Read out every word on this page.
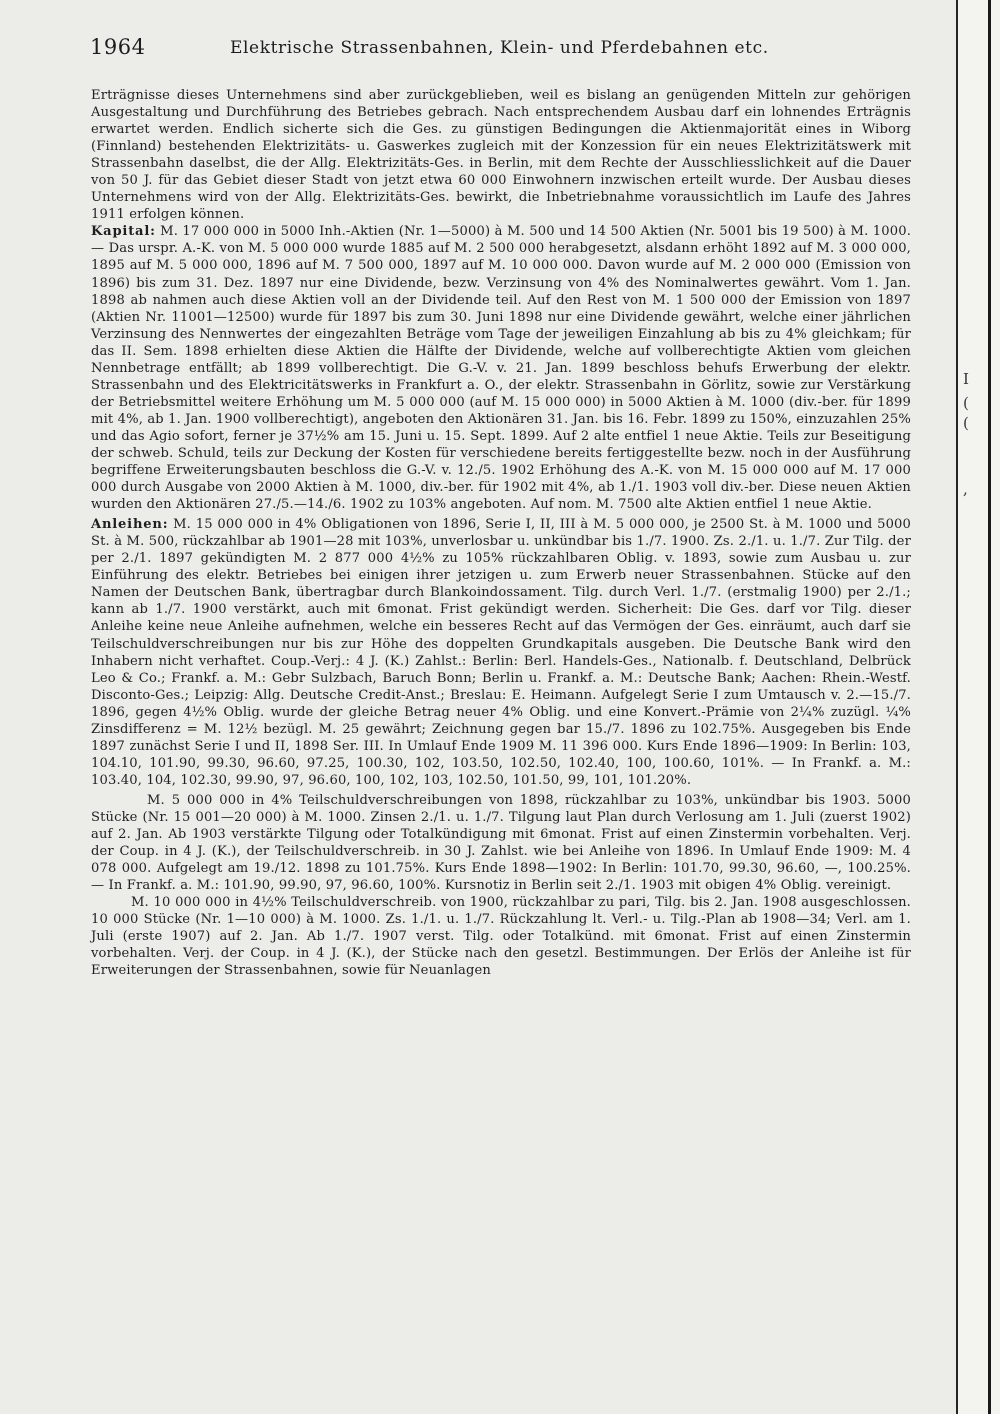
1964	Elektrische Strassenbahnen, Klein- und Pferdebahnen etc.

Erträgnisse dieses Unternehmens sind aber zurückgeblieben, weil es bislang an genügenden Mitteln zur gehörigen Ausgestaltung und Durchführung des Betriebes gebrach. Nach entsprechendem Ausbau darf ein lohnendes Erträgnis erwartet werden. Endlich sicherte sich die Ges. zu günstigen Bedingungen die Aktienmajorität eines in Wiborg (Finnland) bestehenden Elektrizitäts- u. Gaswerkes zugleich mit der Konzession für ein neues Elektrizitätswerk mit Strassenbahn daselbst, die der Allg. Elektrizitäts-Ges. in Berlin, mit dem Rechte der Ausschliesslichkeit auf die Dauer von 50 J. für das Gebiet dieser Stadt von jetzt etwa 60 000 Einwohnern inzwischen erteilt wurde. Der Ausbau dieses Unternehmens wird von der Allg. Elektrizitäts-Ges. bewirkt, die Inbetriebnahme voraussichtlich im Laufe des Jahres 1911 erfolgen können.

Kapital: M. 17 000 000 in 5000 Inh.-Aktien (Nr. 1—5000) à M. 500 und 14 500 Aktien (Nr. 5001 bis 19 500) à M. 1000. — Das urspr. A.-K. von M. 5 000 000 wurde 1885 auf M. 2 500 000 herabgesetzt, alsdann erhöht 1892 auf M. 3 000 000, 1895 auf M. 5 000 000, 1896 auf M. 7 500 000, 1897 auf M. 10 000 000. Davon wurde auf M. 2 000 000 (Emission von 1896) bis zum 31. Dez. 1897 nur eine Dividende, bezw. Verzinsung von 4% des Nominalwertes gewährt. Vom 1. Jan. 1898 ab nahmen auch diese Aktien voll an der Dividende teil. Auf den Rest von M. 1 500 000 der Emission von 1897 (Aktien Nr. 11001—12500) wurde für 1897 bis zum 30. Juni 1898 nur eine Dividende gewährt, welche einer jährlichen Verzinsung des Nennwertes der eingezahlten Beträge vom Tage der jeweiligen Einzahlung ab bis zu 4% gleichkam; für das II. Sem. 1898 erhielten diese Aktien die Hälfte der Dividende, welche auf vollberechtigte Aktien vom gleichen Nennbetrage entfällt; ab 1899 vollberechtigt. Die G.-V. v. 21. Jan. 1899 beschloss behufs Erwerbung der elektr. Strassenbahn und des Elektricitätswerks in Frankfurt a. O., der elektr. Strassenbahn in Görlitz, sowie zur Verstärkung der Betriebsmittel weitere Erhöhung um M. 5 000 000 (auf M. 15 000 000) in 5000 Aktien à M. 1000 (div.-ber. für 1899 mit 4%, ab 1. Jan. 1900 vollberechtigt), angeboten den Aktionären 31. Jan. bis 16. Febr. 1899 zu 150%, einzuzahlen 25% und das Agio sofort, ferner je 37½% am 15. Juni u. 15. Sept. 1899. Auf 2 alte entfiel 1 neue Aktie. Teils zur Beseitigung der schweb. Schuld, teils zur Deckung der Kosten für verschiedene bereits fertiggestellte bezw. noch in der Ausführung begriffene Erweiterungsbauten beschloss die G.-V. v. 12./5. 1902 Erhöhung des A.-K. von M. 15 000 000 auf M. 17 000 000 durch Ausgabe von 2000 Aktien à M. 1000, div.-ber. für 1902 mit 4%, ab 1./1. 1903 voll div.-ber. Diese neuen Aktien wurden den Aktionären 27./5.—14./6. 1902 zu 103% angeboten. Auf nom. M. 7500 alte Aktien entfiel 1 neue Aktie.

Anleihen: M. 15 000 000 in 4% Obligationen von 1896, Serie I, II, III à M. 5 000 000, je 2500 St. à M. 1000 und 5000 St. à M. 500, rückzahlbar ab 1901—28 mit 103%, unverlosbar u. unkündbar bis 1./7. 1900. Zs. 2./1. u. 1./7. Zur Tilg. der per 2./1. 1897 gekündigten M. 2 877 000 4½% zu 105% rückzahlbaren Oblig. v. 1893, sowie zum Ausbau u. zur Einführung des elektr. Betriebes bei einigen ihrer jetzigen u. zum Erwerb neuer Strassenbahnen. Stücke auf den Namen der Deutschen Bank, übertragbar durch Blankoindossament. Tilg. durch Verl. 1./7. (erstmalig 1900) per 2./1.; kann ab 1./7. 1900 verstärkt, auch mit 6monat. Frist gekündigt werden. Sicherheit: Die Ges. darf vor Tilg. dieser Anleihe keine neue Anleihe aufnehmen, welche ein besseres Recht auf das Vermögen der Ges. einräumt, auch darf sie Teilschuldverschreibungen nur bis zur Höhe des doppelten Grundkapitals ausgeben. Die Deutsche Bank wird den Inhabern nicht verhaftet. Coup.-Verj.: 4 J. (K.) Zahlst.: Berlin: Berl. Handels-Ges., Nationalb. f. Deutschland, Delbrück Leo & Co.; Frankf. a. M.: Gebr Sulzbach, Baruch Bonn; Berlin u. Frankf. a. M.: Deutsche Bank; Aachen: Rhein.-Westf. Disconto-Ges.; Leipzig: Allg. Deutsche Credit-Anst.; Breslau: E. Heimann. Aufgelegt Serie I zum Umtausch v. 2.—15./7. 1896, gegen 4½% Oblig. wurde der gleiche Betrag neuer 4% Oblig. und eine Konvert.-Prämie von 2¼% zuzügl. ¼% Zinsdifferenz = M. 12½ bezügl. M. 25 gewährt; Zeichnung gegen bar 15./7. 1896 zu 102.75%. Ausgegeben bis Ende 1897 zunächst Serie I und II, 1898 Ser. III. In Umlauf Ende 1909 M. 11 396 000. Kurs Ende 1896—1909: In Berlin: 103, 104.10, 101.90, 99.30, 96.60, 97.25, 100.30, 102, 103.50, 102.50, 102.40, 100, 100.60, 101%. — In Frankf. a. M.: 103.40, 104, 102.30, 99.90, 97, 96.60, 100, 102, 103, 102.50, 101.50, 99, 101, 101.20%.

M. 5 000 000 in 4% Teilschuldverschreibungen von 1898, rückzahlbar zu 103%, unkündbar bis 1903. 5000 Stücke (Nr. 15 001—20 000) à M. 1000. Zinsen 2./1. u. 1./7. Tilgung laut Plan durch Verlosung am 1. Juli (zuerst 1902) auf 2. Jan. Ab 1903 verstärkte Tilgung oder Totalkündigung mit 6monat. Frist auf einen Zinstermin vorbehalten. Verj. der Coup. in 4 J. (K.), der Teilschuldverschreib. in 30 J. Zahlst. wie bei Anleihe von 1896. In Umlauf Ende 1909: M. 4 078 000. Aufgelegt am 19./12. 1898 zu 101.75%. Kurs Ende 1898—1902: In Berlin: 101.70, 99.30, 96.60, —, 100.25%. — In Frankf. a. M.: 101.90, 99.90, 97, 96.60, 100%. Kursnotiz in Berlin seit 2./1. 1903 mit obigen 4% Oblig. vereinigt.

M. 10 000 000 in 4½% Teilschuldverschreib. von 1900, rückzahlbar zu pari, Tilg. bis 2. Jan. 1908 ausgeschlossen. 10 000 Stücke (Nr. 1—10 000) à M. 1000. Zs. 1./1. u. 1./7. Rückzahlung lt. Verl.- u. Tilg.-Plan ab 1908—34; Verl. am 1. Juli (erste 1907) auf 2. Jan. Ab 1./7. 1907 verst. Tilg. oder Totalkünd. mit 6monat. Frist auf einen Zinstermin vorbehalten. Verj. der Coup. in 4 J. (K.), der Stücke nach den gesetzl. Bestimmungen. Der Erlös der Anleihe ist für Erweiterungen der Strassenbahnen, sowie für Neuanlagen

I
(
(
,
